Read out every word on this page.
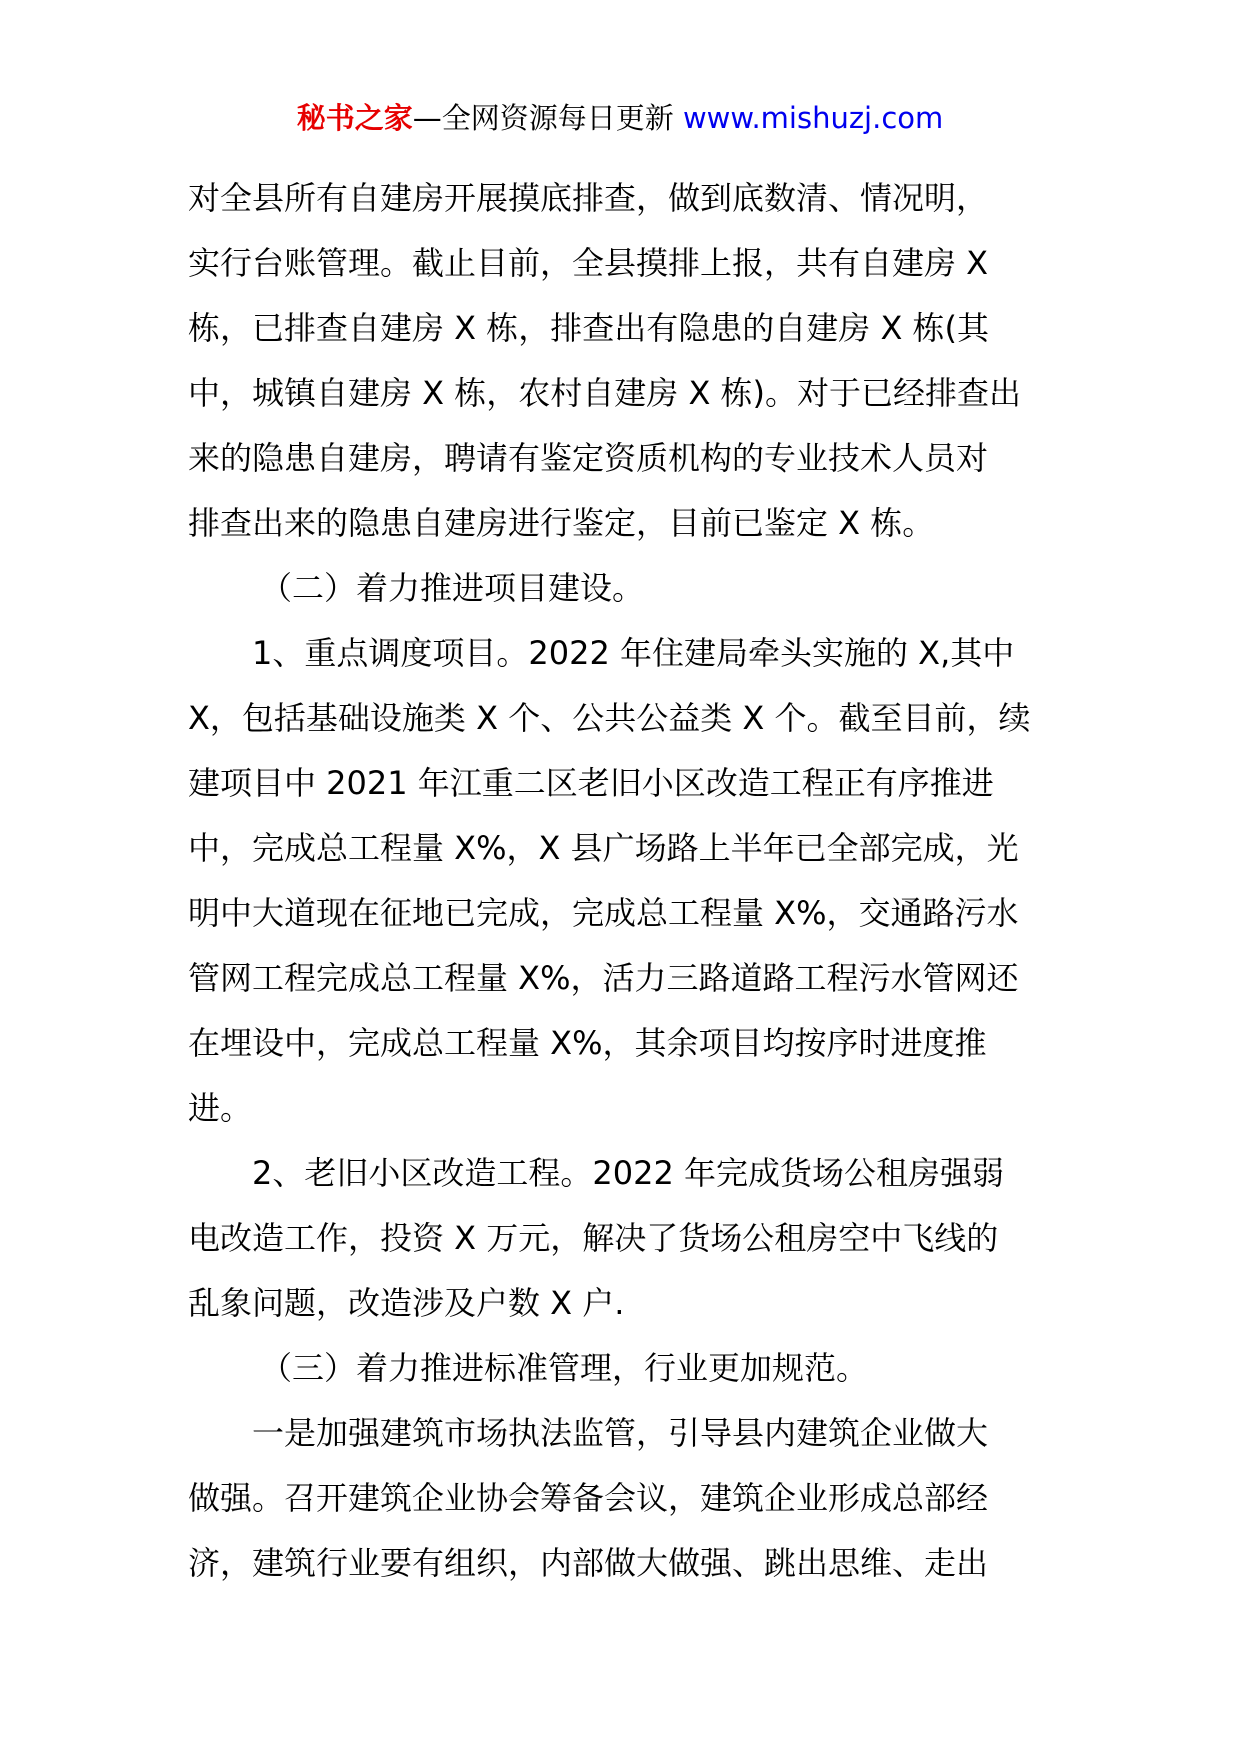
秘书之家—全网资源每日更新 www.mishuzj.com

对全县所有自建房开展摸底排查，做到底数清、情况明，

实行台账管理。截止目前，全县摸排上报，共有自建房 X

栋，已排查自建房 X 栋，排查出有隐患的自建房 X 栋(其

中，城镇自建房 X 栋，农村自建房 X 栋)。对于已经排查出

来的隐患自建房，聘请有鉴定资质机构的专业技术人员对

排查出来的隐患自建房进行鉴定，目前已鉴定 X 栋。

（二）着力推进项目建设。

1、重点调度项目。2022 年住建局牵头实施的 X,其中

X，包括基础设施类 X 个、公共公益类 X 个。截至目前，续

建项目中 2021 年江重二区老旧小区改造工程正有序推进

中，完成总工程量 X%，X 县广场路上半年已全部完成，光

明中大道现在征地已完成，完成总工程量 X%，交通路污水

管网工程完成总工程量 X%，活力三路道路工程污水管网还

在埋设中，完成总工程量 X%，其余项目均按序时进度推

进。

2、老旧小区改造工程。2022 年完成货场公租房强弱

电改造工作，投资 X 万元，解决了货场公租房空中飞线的

乱象问题，改造涉及户数 X 户.

（三）着力推进标准管理，行业更加规范。

一是加强建筑市场执法监管，引导县内建筑企业做大

做强。召开建筑企业协会筹备会议，建筑企业形成总部经

济，建筑行业要有组织，内部做大做强、跳出思维、走出
